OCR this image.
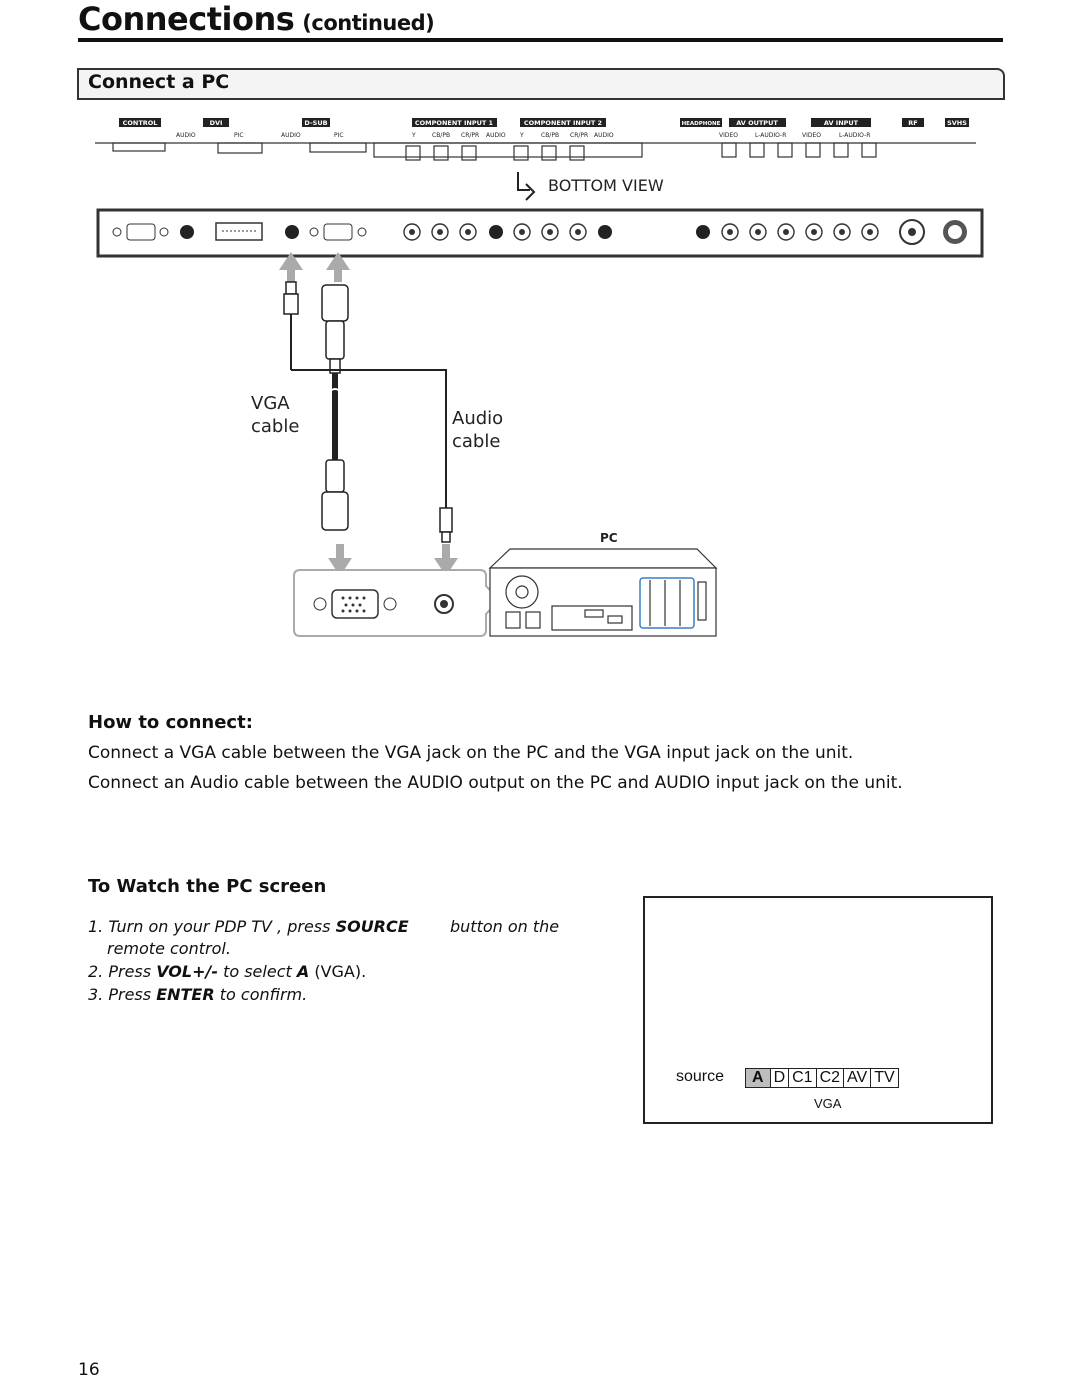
Connections (continued)
Connect a PC
CONTROL	DVI	D-SUB	COMPONENT INPUT 1	COMPONENT INPUT 2	HEADPHONE AV OUTPUT	AV INPUT	RF	SVHS
AUDIO	PIC	AUDIO	PIC	Y	CB/PB CR/PR AUDIO Y	CB/PB CR/PR AUDIO	VIDEO	L-AUDIO-R	VIDEO	L-AUDIO-R
BOTTOM VIEW
VGA
cable	Audio
cable
PC
How to connect:
Connect a VGA cable between the VGA jack on the PC and the VGA input jack on the unit.
Connect an Audio cable between the AUDIO output on the PC and AUDIO input jack on the unit.
To Watch the PC screen
1. Turn on your PDP TV , press SOURCE	button on the
remote control.
2. Press VOL+/- to select A (VGA).
3. Press ENTER to confirm.
source	A D C1 C2 AV TV
VGA
16
